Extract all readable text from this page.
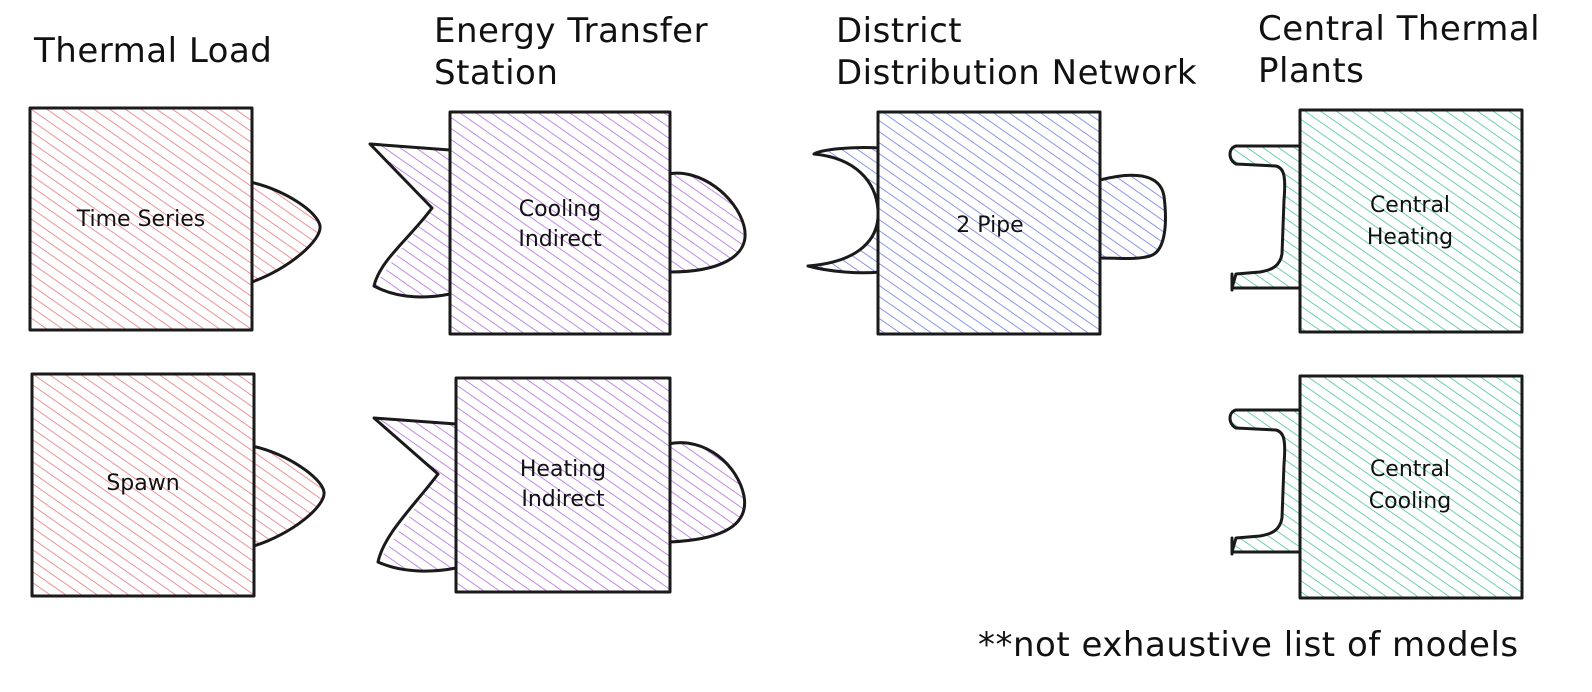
Thermal Load	Energy Transfer
Station
District
Distribution Network
Central Thermal
Plants
Time Series
Spawn
Cooling
Indirect
Heating
Indirect
2 Pipe
Central
Heating
Central
Cooling
**not exhaustive list of models
